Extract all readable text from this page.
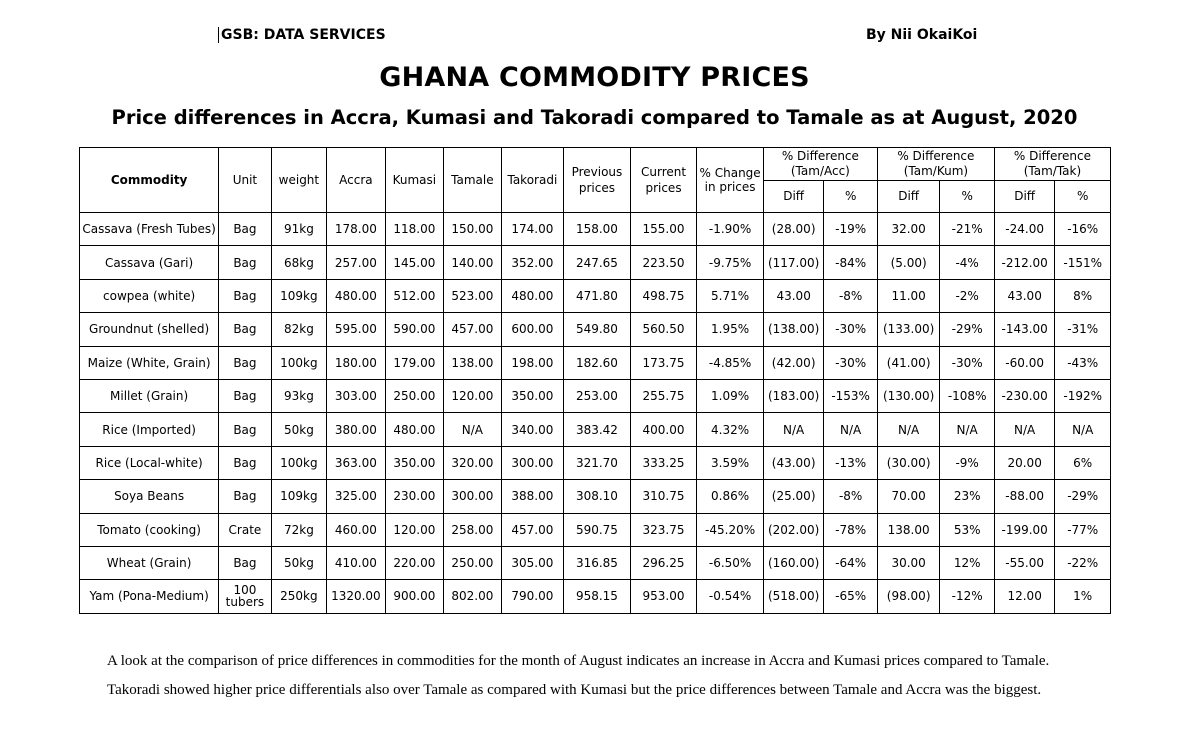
GSB: DATA SERVICES	By Nii OkaiKoi
GHANA COMMODITY PRICES
Price differences in Accra, Kumasi and Takoradi compared to Tamale as at August, 2020
Commodity	Unit	weight	Accra	Kumasi	Tamale	Takoradi	Previous prices	Current prices	% Change in prices	% Difference (Tam/Acc)		% Difference (Tam/Kum)		% Difference (Tam/Tak)	
										Diff	%	Diff	%	Diff	%
Cassava (Fresh Tubes)	Bag	91kg	178.00	118.00	150.00	174.00	158.00	155.00	-1.90%	(28.00)	-19%	32.00	-21%	-24.00	-16%
Cassava (Gari)	Bag	68kg	257.00	145.00	140.00	352.00	247.65	223.50	-9.75%	(117.00)	-84%	(5.00)	-4%	-212.00	-151%
cowpea (white)	Bag	109kg	480.00	512.00	523.00	480.00	471.80	498.75	5.71%	43.00	-8%	11.00	-2%	43.00	8%
Groundnut (shelled)	Bag	82kg	595.00	590.00	457.00	600.00	549.80	560.50	1.95%	(138.00)	-30%	(133.00)	-29%	-143.00	-31%
Maize (White, Grain)	Bag	100kg	180.00	179.00	138.00	198.00	182.60	173.75	-4.85%	(42.00)	-30%	(41.00)	-30%	-60.00	-43%
Millet (Grain)	Bag	93kg	303.00	250.00	120.00	350.00	253.00	255.75	1.09%	(183.00)	-153%	(130.00)	-108%	-230.00	-192%
Rice (Imported)	Bag	50kg	380.00	480.00	N/A	340.00	383.42	400.00	4.32%	N/A	N/A	N/A	N/A	N/A	N/A
Rice (Local-white)	Bag	100kg	363.00	350.00	320.00	300.00	321.70	333.25	3.59%	(43.00)	-13%	(30.00)	-9%	20.00	6%
Soya Beans	Bag	109kg	325.00	230.00	300.00	388.00	308.10	310.75	0.86%	(25.00)	-8%	70.00	23%	-88.00	-29%
Tomato (cooking)	Crate	72kg	460.00	120.00	258.00	457.00	590.75	323.75	-45.20%	(202.00)	-78%	138.00	53%	-199.00	-77%
Wheat (Grain)	Bag	50kg	410.00	220.00	250.00	305.00	316.85	296.25	-6.50%	(160.00)	-64%	30.00	12%	-55.00	-22%
Yam (Pona-Medium)	100 tubers	250kg	1320.00	900.00	802.00	790.00	958.15	953.00	-0.54%	(518.00)	-65%	(98.00)	-12%	12.00	1%
A look at the comparison of price differences in commodities for the month of August indicates an increase in Accra and Kumasi prices compared to Tamale. Takoradi showed higher price differentials also over Tamale as compared with Kumasi but the price differences between Tamale and Accra was the biggest.
